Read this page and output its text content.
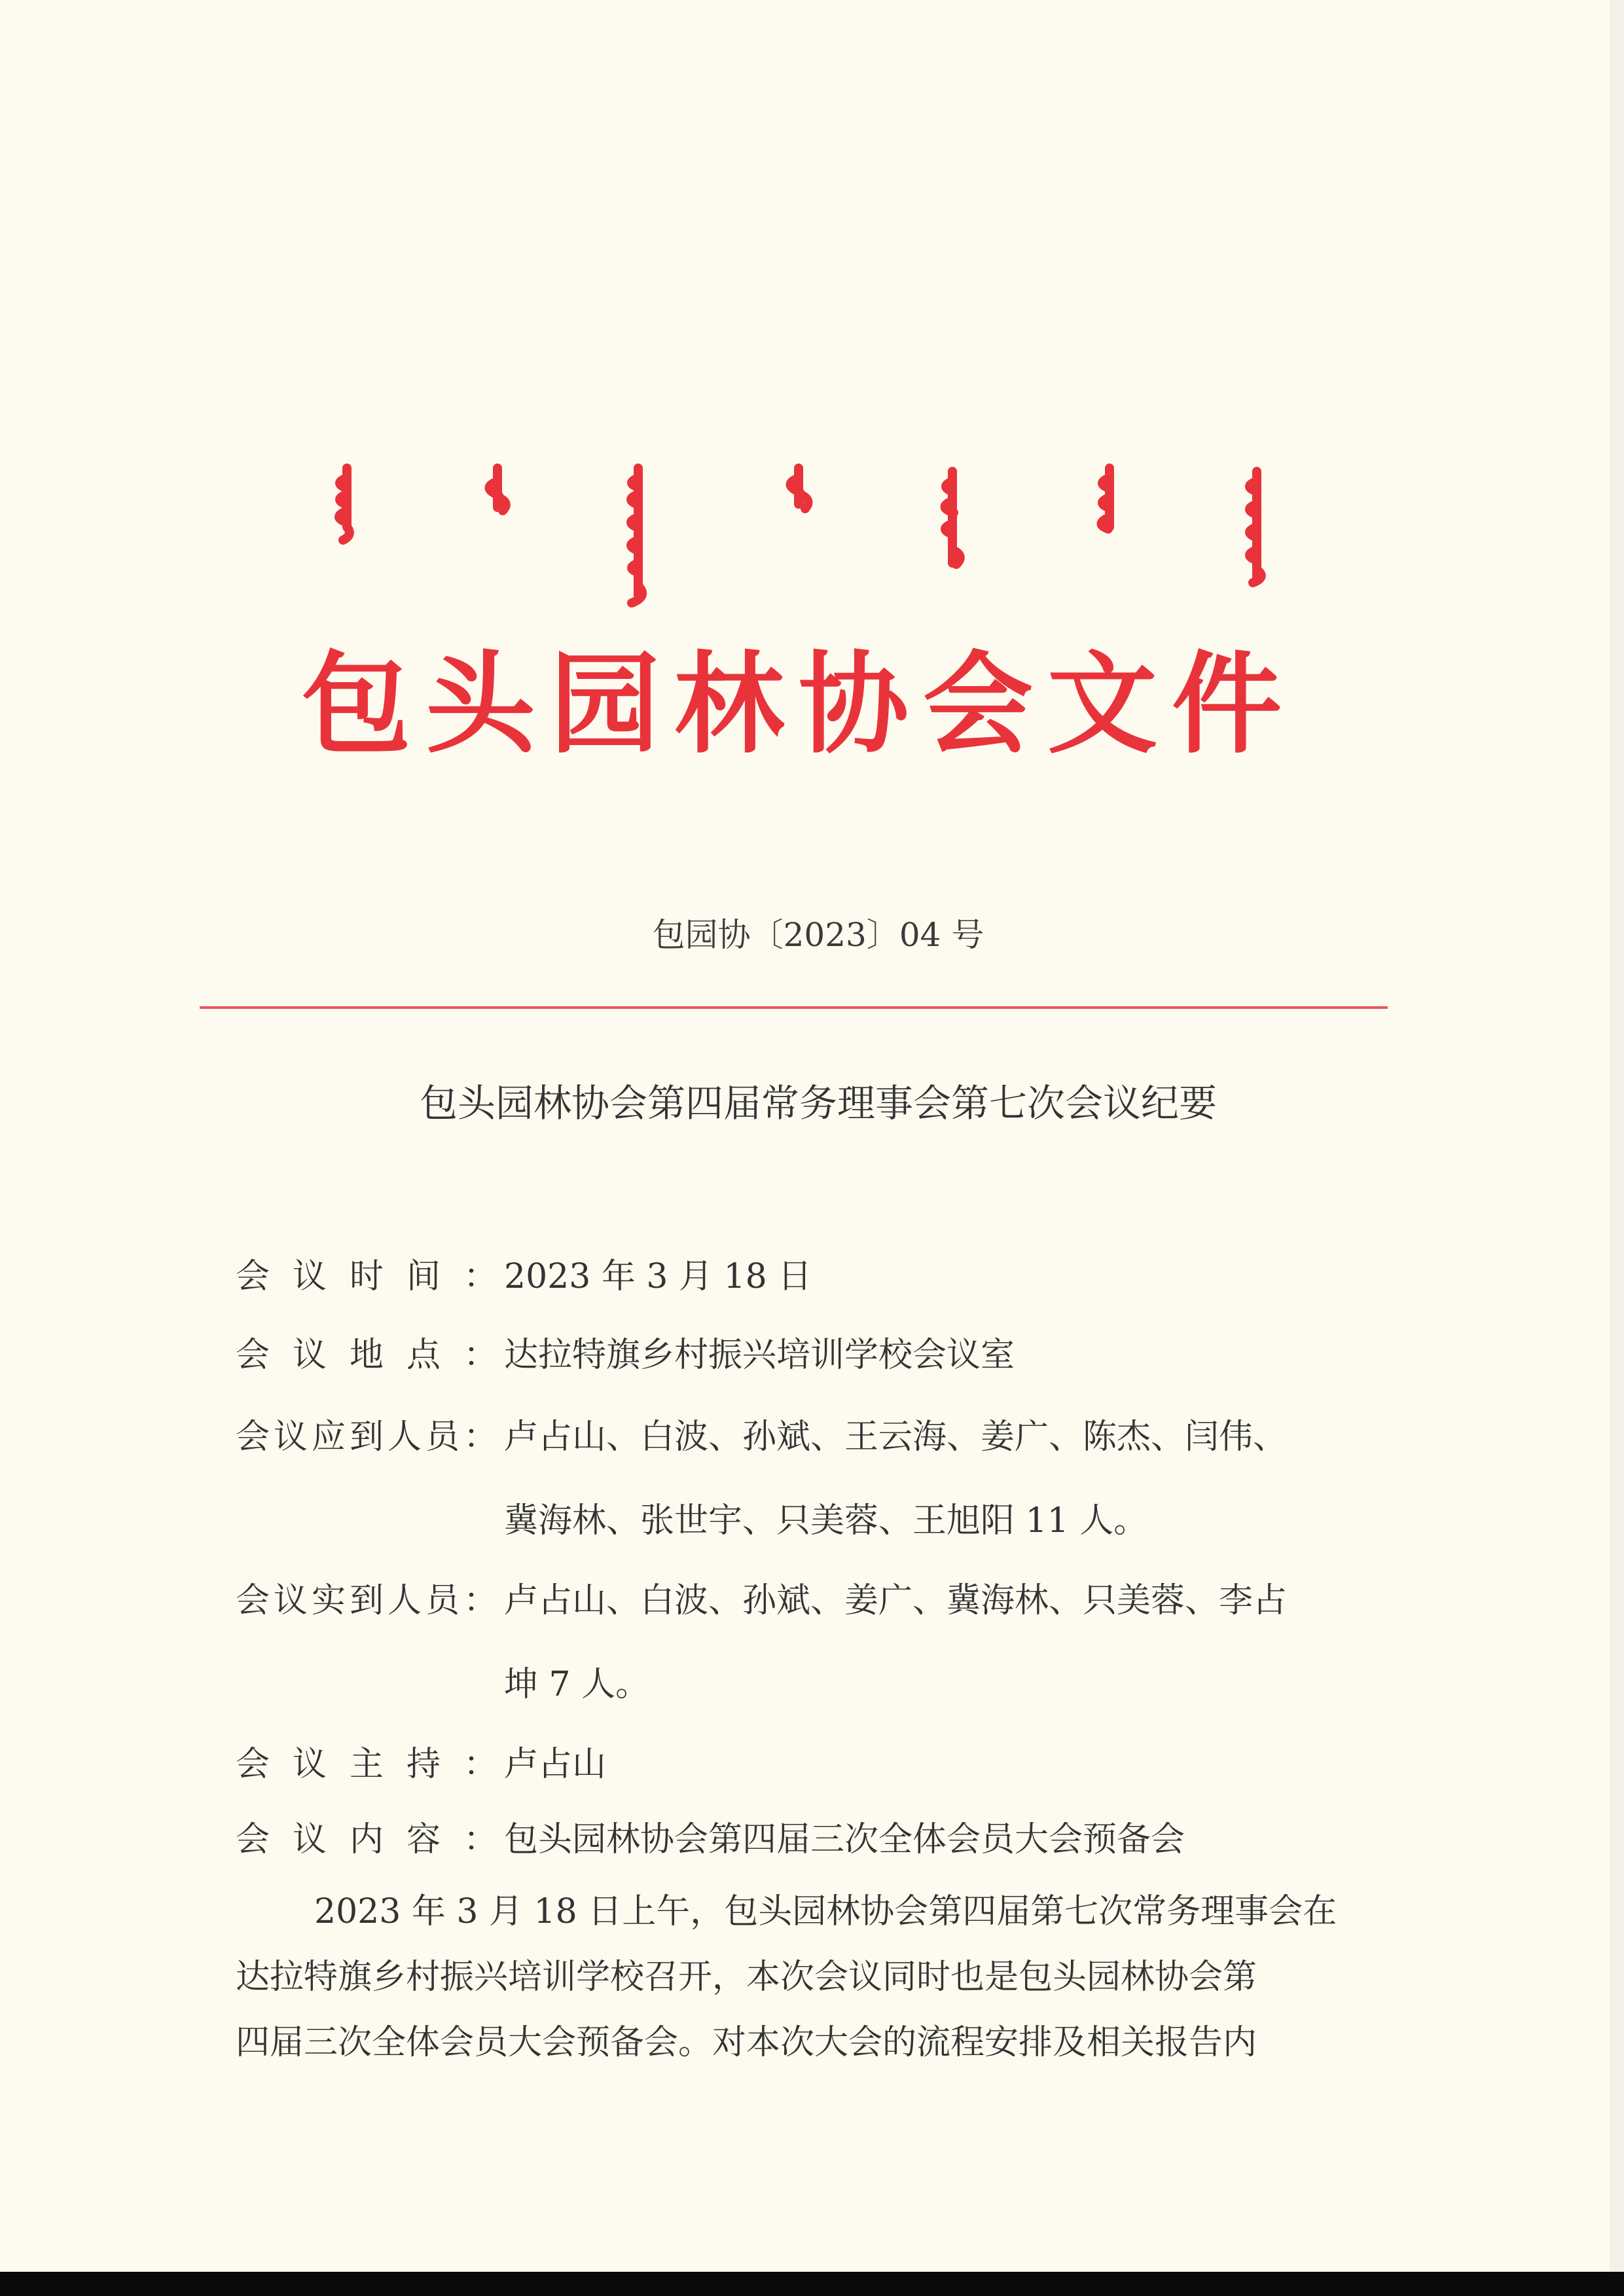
包头园林协会文件
包园协〔2023〕04 号
包头园林协会第四届常务理事会第七次会议纪要
会议时间： 2023 年 3 月 18 日
会议地点： 达拉特旗乡村振兴培训学校会议室
会议应到人员： 卢占山、白波、孙斌、王云海、姜广、陈杰、闫伟、
冀海林、张世宇、只美蓉、王旭阳 11 人。
会议实到人员： 卢占山、白波、孙斌、姜广、冀海林、只美蓉、李占
坤 7 人。
会议主持： 卢占山
会议内容： 包头园林协会第四届三次全体会员大会预备会
2023 年 3 月 18 日上午，包头园林协会第四届第七次常务理事会在
达拉特旗乡村振兴培训学校召开，本次会议同时也是包头园林协会第
四届三次全体会员大会预备会。对本次大会的流程安排及相关报告内
